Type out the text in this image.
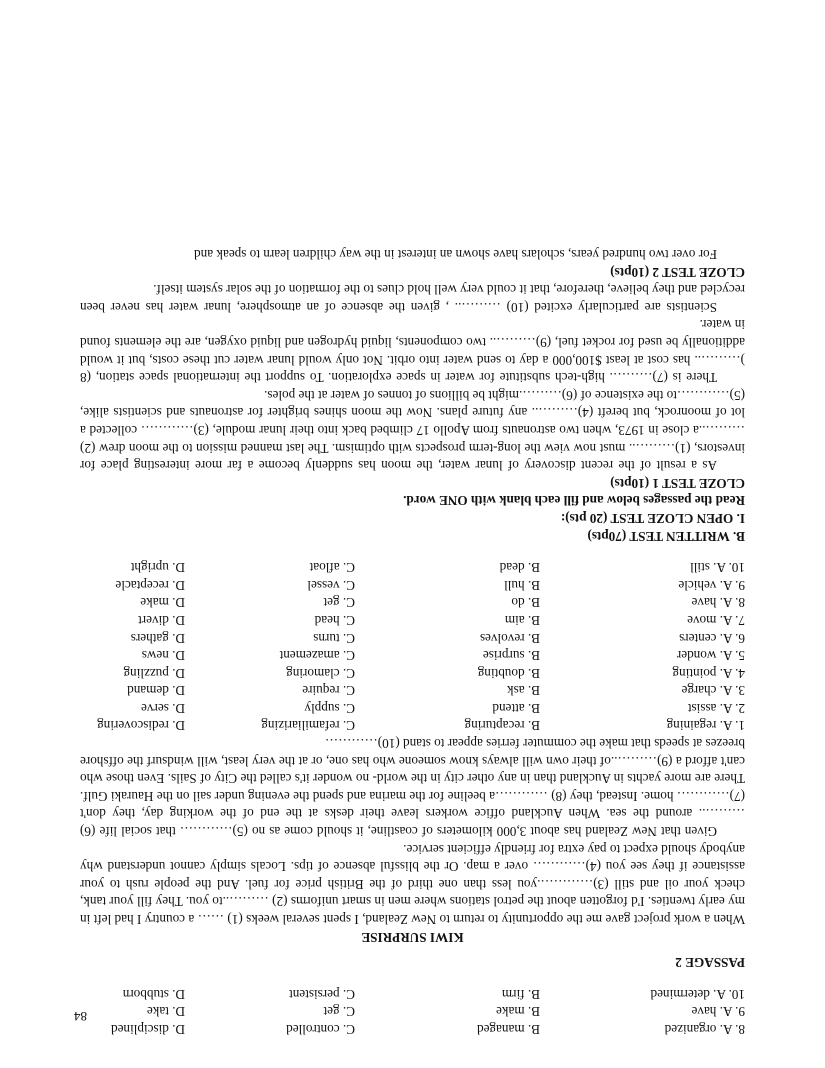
84
8. A. organized
B. managed
C. controlled
D. disciplined
9. A. have
B. make
C. get
D. take
10. A. determined
B. firm
C. persistent
D. stubborn
PASSAGE 2
KIWI SURPRISE

When a work project gave me the opportunity to return to New Zealand, I spent several weeks (1) …… a country I had left in my early twenties. I'd forgotten about the petrol stations where men in smart uniforms (2) ………..to you. They fill your tank, check your oil and still (3)………….you less than one third of the British price for fuel. And the people rush to your assistance if they see you (4)………… over a map. Or the blissful absence of tips. Locals simply cannot understand why anybody should expect to pay extra for friendly efficient service.

Given that New Zealand has about 3,000 kilometers of coastline, it should come as no (5)………… that social life (6) ……….. around the sea. When Auckland office workers leave their desks at the end of the working day, they don't (7)………… home. Instead, they (8) …………a beeline for the marina and spend the evening under sail on the Hauraki Gulf. There are more yachts in Auckland than in any other city in the world- no wonder it's called the City of Sails. Even those who can't afford a (9)………..of their own will always know someone who has one, or at the very least, will windsurf the offshore breezes at speeds that make the commuter ferries appear to stand (10)…………

1. A. regaining
B. recapturing
C. refamiliarizing
D. rediscovering
2. A. assist
B. attend
C. supply
D. serve
3. A. charge
B. ask
C. require
D. demand
4. A. pointing
B. doubting
C. clamoring
D. puzzling
5. A. wonder
B. surprise
C. amazement
D. news
6. A. centers
B. revolves
C. turns
D. gathers
7. A. move
B. aim
C. head
D. divert
8. A. have
B. do
C. get
D. make
9. A. vehicle
B. hull
C. vessel
D. receptacle
10. A. still
B. dead
C. afloat
D. upright
B. WRITTEN TEST (70pts)
I. OPEN CLOZE TEST (20 pts):
Read the passages below and fill each blank with ONE word.
CLOZE TEST 1 (10pts)

As a result of the recent discovery of lunar water, the moon has suddenly become a far more interesting place for investors, (1)……….. must now view the long-term prospects with optimism. The last manned mission to the moon drew (2) ………..a close in 1973, when two astronauts from Apollo 17 climbed back into their lunar module, (3)………… collected a lot of moonrock, but bereft (4)……….. any future plans. Now the moon shines brighter for astronauts and scientists alike, (5)…………to the existence of (6)……….might be billions of tonnes of water at the poles.

There is (7)………. high-tech substitute for water in space exploration. To support the international space station, (8 )……….. has cost at least $100,000 a day to send water into orbit. Not only would lunar water cut these costs, but it would additionally be used for rocket fuel, (9)……….. two components, liquid hydrogen and liquid oxygen, are the elements found in water.

Scientists are particularly excited (10) ……….. , given the absence of an atmosphere, lunar water has never been recycled and they believe, therefore, that it could very well hold clues to the formation of the solar system itself.

CLOZE TEST 2 (10pts)

For over two hundred years, scholars have shown an interest in the way children learn to speak and
